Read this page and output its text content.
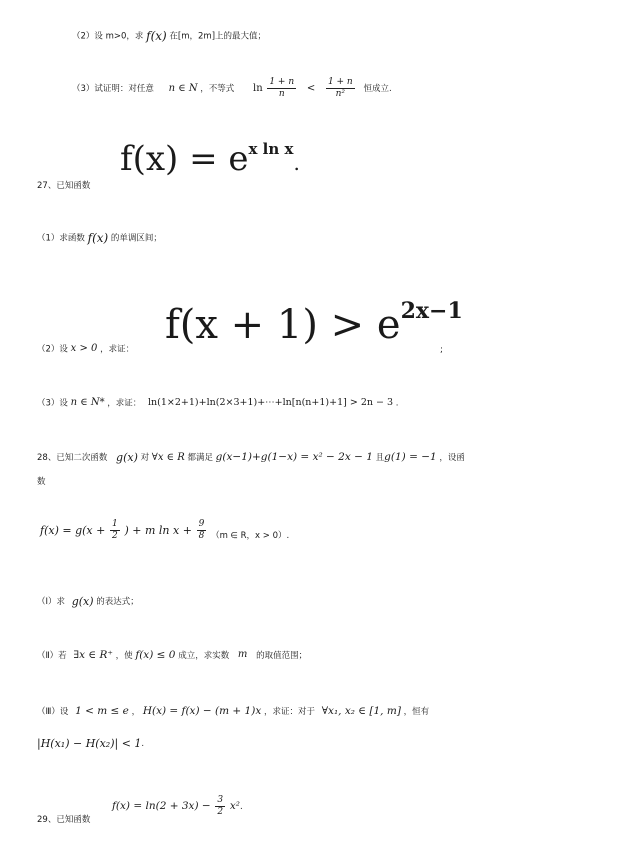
（2）设 m>0，求 f(x) 在[m，2m]上的最大值；
（3）试证明：对任意 n ∈ N ，不等式 $\ln \frac{1 + n}{n} < \frac{1 + n}{\text{n²}}$ 恒成立.
27、已知函数
$f(x) = e^{x ln x}$.
（1）求函数 f(x) 的单调区间；
（2）设 x > 0 ，求证：
$f(x + 1) > e^{2x-1}$
;
（3）设 n ∈ N* ，求证： ln(1×2+1)+ln(2×3+1)+⋯+ln[n(n+1)+1] > 2n − 3 .
28、已知二次函数 g(x) 对 ∀x ∈ R 都满足 g(x−1)+g(1−x) = x² − 2x − 1 且g(1) = −1 ，设函
数
$f(x) = g(x + \frac{1}{2}$ ) + m $\ln x + \frac{9}{8} (m$ ∈ R，x > 0）.
（Ⅰ）求 g(x) 的表达式；
（Ⅱ）若 ∃x ∈ R⁺ ，使 f(x) ≤ 0 成立，求实数 m 的取值范围；
（Ⅲ）设 1 < m ≤ e ， H(x) = f(x) − (m + 1)x ，求证：对于 ∀x₁, x₂ ∈ [1, m] ，恒有
|H(x₁) − H(x₂)| < 1.
$f(x) = \ln(2 + 3x) - \frac{3}{2} x^2$.
29、已知函数
